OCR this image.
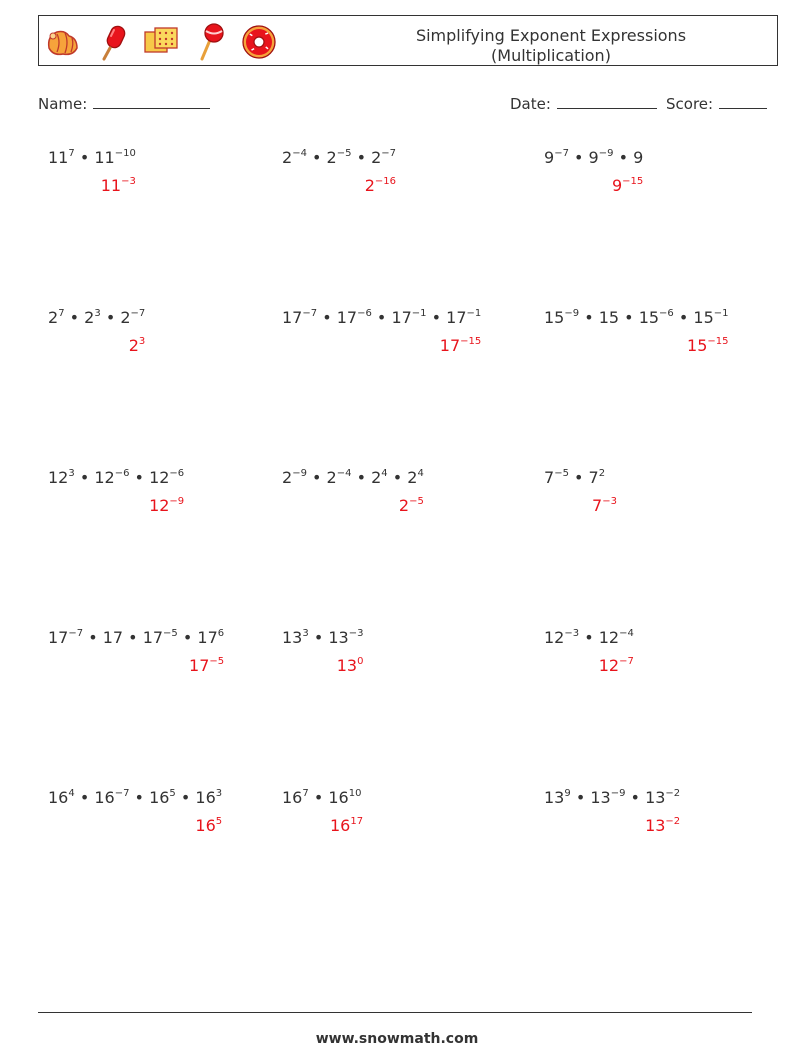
Simplifying Exponent Expressions
(Multiplication)
Name:	Date:	Score:
$11^7$ • $11^{-10}$
$11^{-3}$
$2^{-4}$ • $2^{-5}$ • $2^{-7}$
$2^{-16}$
$9^{-7}$ • $9^{-9}$ • 9
$9^{-15}$
$2^7$ • $2^3$ • $2^{-7}$
$2^3$
$17^{-7}$ • $17^{-6}$ • $17^{-1}$ • $17^{-1}$
$17^{-15}$
$15^{-9}$ • 15 • $15^{-6}$ • $15^{-1}$
$15^{-15}$
$12^3$ • $12^{-6}$ • $12^{-6}$
$12^{-9}$
$2^{-9}$ • $2^{-4}$ • $2^4$ • $2^4$
$2^{-5}$
$7^{-5}$ • $7^2$
$7^{-3}$
$17^{-7}$ • 17 • $17^{-5}$ • $17^6$
$17^{-5}$
$13^3$ • $13^{-3}$
$13^0$
$12^{-3}$ • $12^{-4}$
$12^{-7}$
$16^4$ • $16^{-7}$ • $16^5$ • $16^3$
$16^5$
$16^7$ • $16^{10}$
$16^{17}$
$13^9$ • $13^{-9}$ • $13^{-2}$
$13^{-2}$
www.snowmath.com
